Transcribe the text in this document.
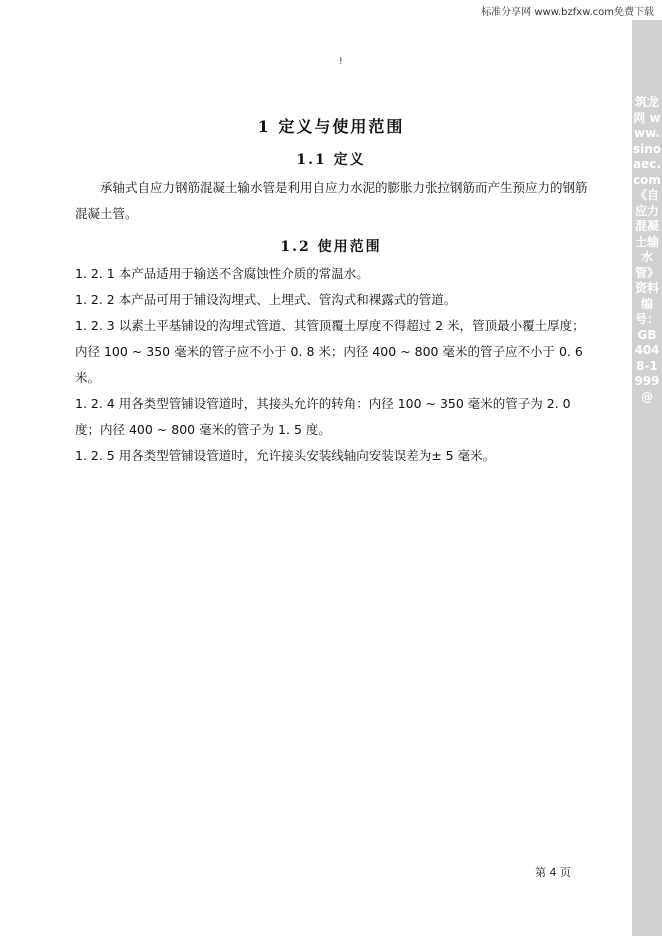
标准分享网 www.bzfxw.com免费下载
筑龙网 www.sinoaec.com 《自应力混凝土输水管》 资料编号：GB 4048-1999 @
!
1 定义与使用范围
1.1 定义
承轴式自应力钢筋混凝土输水管是利用自应力水泥的膨胀力张拉钢筋而产生预应力的钢筋混凝土管。
1.2 使用范围
1. 2. 1 本产品适用于输送不含腐蚀性介质的常温水。
1. 2. 2 本产品可用于铺设沟埋式、上埋式、管沟式和裸露式的管道。
1. 2. 3 以素土平基铺设的沟埋式管道、其管顶覆土厚度不得超过 2 米，管顶最小覆土厚度；内径 100 ~ 350 毫米的管子应不小于 0. 8 米；内径 400 ~ 800 毫米的管子应不小于 0. 6 米。
1. 2. 4 用各类型管铺设管道时，其接头允许的转角：内径 100 ~ 350 毫米的管子为 2. 0 度；内径 400 ~ 800 毫米的管子为 1. 5 度。
1. 2. 5 用各类型管铺设管道时，允许接头安装线轴向安装误差为± 5 毫米。
第 4 页
